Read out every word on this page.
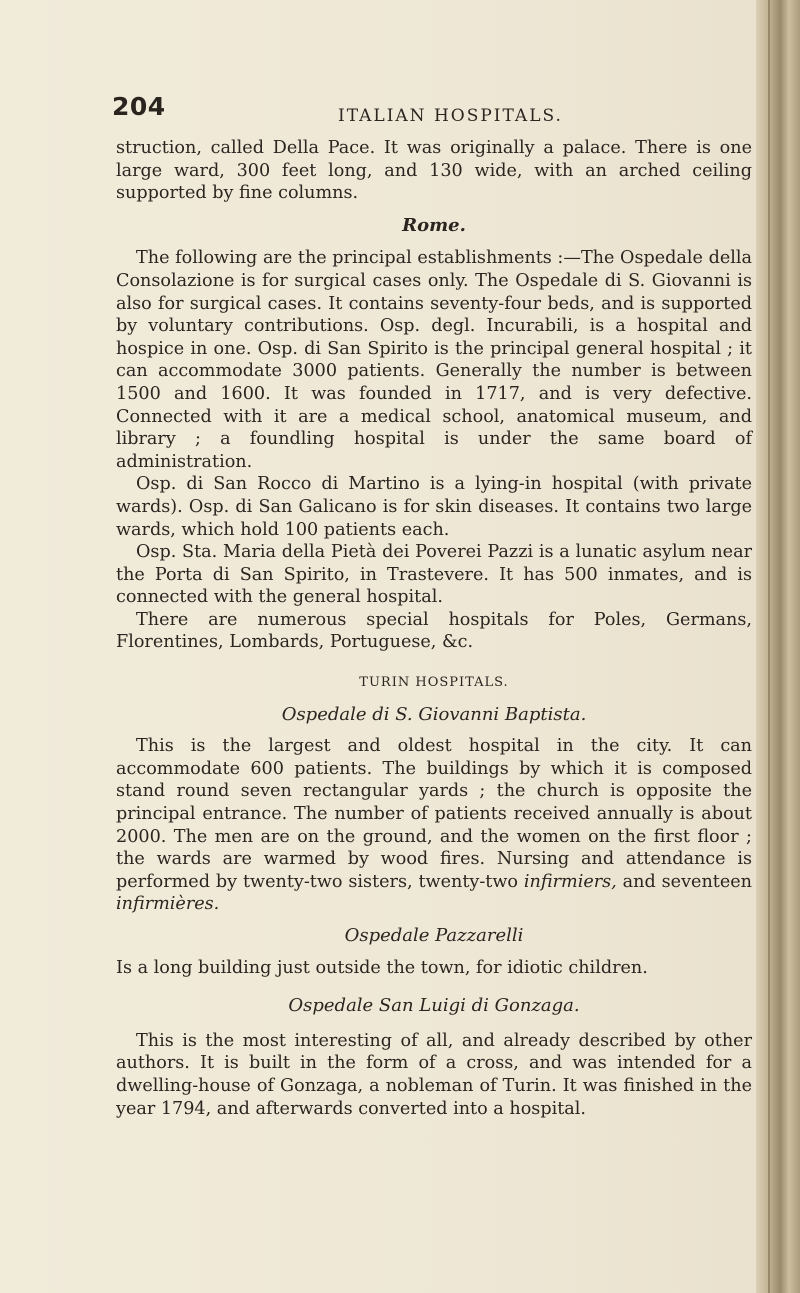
204	ITALIAN HOSPITALS.

struction, called Della Pace. It was originally a palace. There is one large ward, 300 feet long, and 130 wide, with an arched ceiling supported by fine columns.

Rome.

The following are the principal establishments :—The Ospedale della Consolazione is for surgical cases only. The Ospedale di S. Giovanni is also for surgical cases. It contains seventy-four beds, and is supported by voluntary contributions. Osp. degl. Incurabili, is a hospital and hospice in one. Osp. di San Spirito is the principal general hospital ; it can accommodate 3000 patients. Generally the number is between 1500 and 1600. It was founded in 1717, and is very defective. Connected with it are a medical school, anatomical museum, and library ; a foundling hospital is under the same board of administration.

Osp. di San Rocco di Martino is a lying-in hospital (with private wards). Osp. di San Galicano is for skin diseases. It contains two large wards, which hold 100 patients each.

Osp. Sta. Maria della Pietà dei Poverei Pazzi is a lunatic asylum near the Porta di San Spirito, in Trastevere. It has 500 inmates, and is connected with the general hospital.

There are numerous special hospitals for Poles, Germans, Florentines, Lombards, Portuguese, &c.

TURIN HOSPITALS.
Ospedale di S. Giovanni Baptista.

This is the largest and oldest hospital in the city. It can accommodate 600 patients. The buildings by which it is composed stand round seven rectangular yards ; the church is opposite the principal entrance. The number of patients received annually is about 2000. The men are on the ground, and the women on the first floor ; the wards are warmed by wood fires. Nursing and attendance is performed by twenty-two sisters, twenty-two infirmiers, and seventeen infirmières.

Ospedale Pazzarelli

Is a long building just outside the town, for idiotic children.

Ospedale San Luigi di Gonzaga.

This is the most interesting of all, and already described by other authors. It is built in the form of a cross, and was intended for a dwelling-house of Gonzaga, a nobleman of Turin. It was finished in the year 1794, and afterwards converted into a hospital.
